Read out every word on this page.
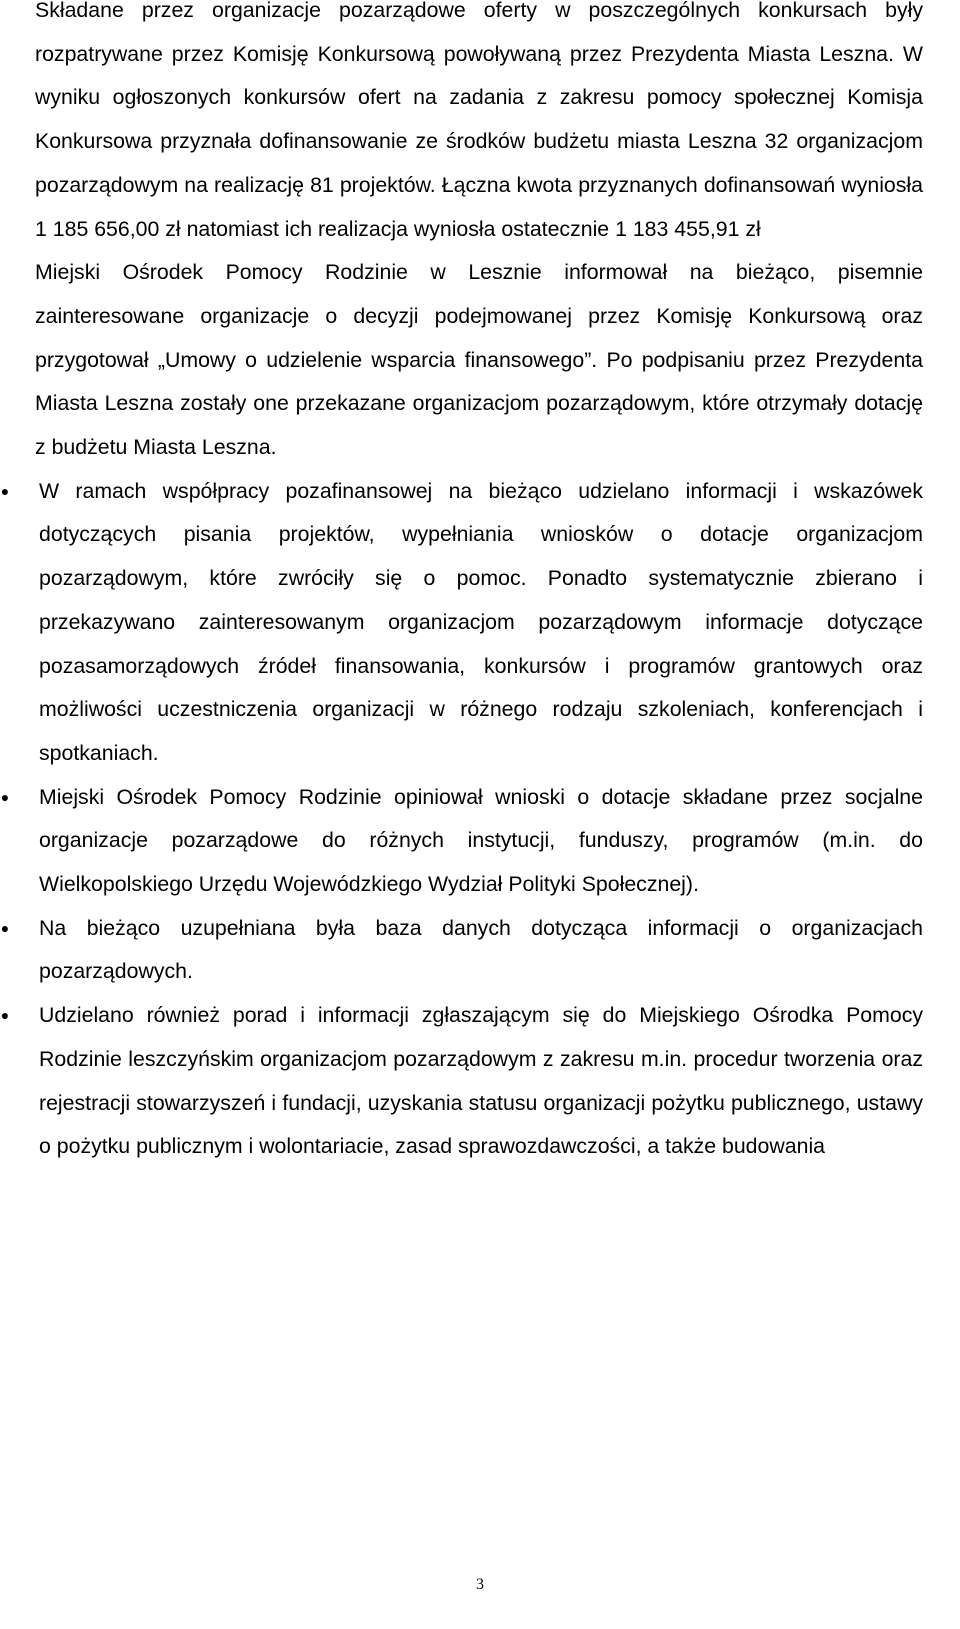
Składane przez organizacje pozarządowe oferty w poszczególnych konkursach były rozpatrywane przez Komisję Konkursową powoływaną przez Prezydenta Miasta Leszna. W wyniku ogłoszonych konkursów ofert na zadania z zakresu pomocy społecznej Komisja Konkursowa przyznała dofinansowanie ze środków budżetu miasta Leszna 32 organizacjom pozarządowym na realizację 81 projektów. Łączna kwota przyznanych dofinansowań wyniosła 1 185 656,00 zł natomiast ich realizacja wyniosła ostatecznie 1 183 455,91 zł

Miejski Ośrodek Pomocy Rodzinie w Lesznie informował na bieżąco, pisemnie zainteresowane organizacje o decyzji podejmowanej przez Komisję Konkursową oraz przygotował „Umowy o udzielenie wsparcia finansowego”. Po podpisaniu przez Prezydenta Miasta Leszna zostały one przekazane organizacjom pozarządowym, które otrzymały dotację z budżetu Miasta Leszna.

● W ramach współpracy pozafinansowej na bieżąco udzielano informacji i wskazówek dotyczących pisania projektów, wypełniania wniosków o dotacje organizacjom pozarządowym, które zwróciły się o pomoc. Ponadto systematycznie zbierano i przekazywano zainteresowanym organizacjom pozarządowym informacje dotyczące pozasamorządowych źródeł finansowania, konkursów i programów grantowych oraz możliwości uczestniczenia organizacji w różnego rodzaju szkoleniach, konferencjach i spotkaniach.
● Miejski Ośrodek Pomocy Rodzinie opiniował wnioski o dotacje składane przez socjalne organizacje pozarządowe do różnych instytucji, funduszy, programów (m.in. do Wielkopolskiego Urzędu Wojewódzkiego Wydział Polityki Społecznej).
● Na bieżąco uzupełniana była baza danych dotycząca informacji o organizacjach pozarządowych.
● Udzielano również porad i informacji zgłaszającym się do Miejskiego Ośrodka Pomocy Rodzinie leszczyńskim organizacjom pozarządowym z zakresu m.in. procedur tworzenia oraz rejestracji stowarzyszeń i fundacji, uzyskania statusu organizacji pożytku publicznego, ustawy o pożytku publicznym i wolontariacie, zasad sprawozdawczości, a także budowania
3
